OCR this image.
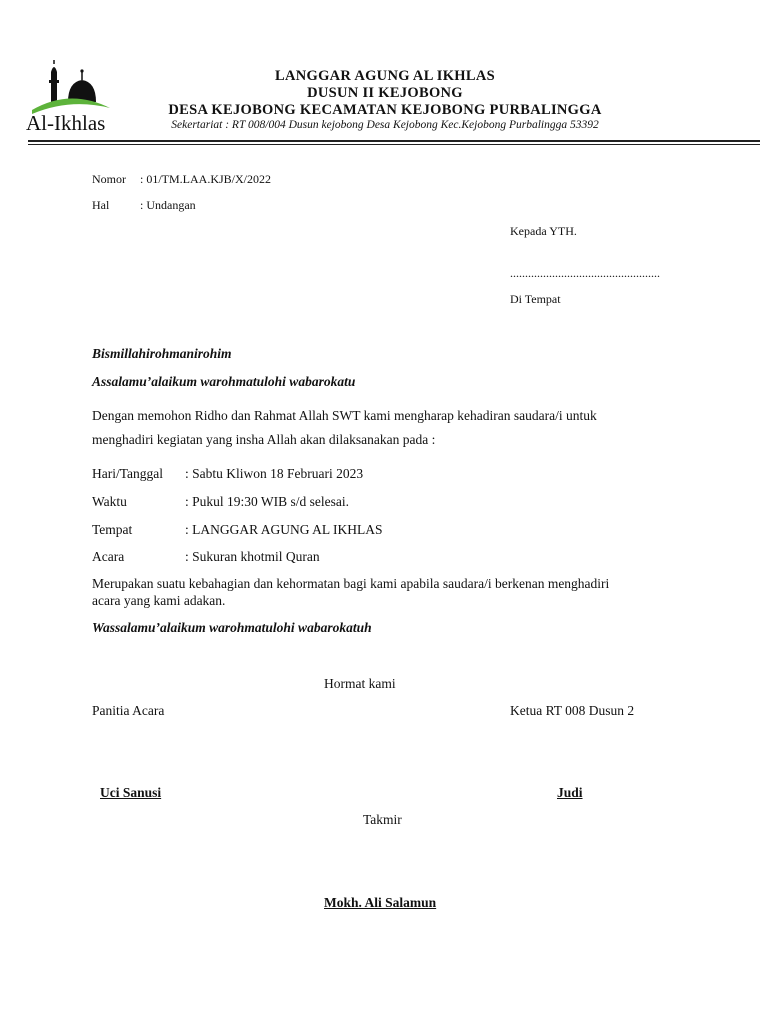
Al-Ikhlas
LANGGAR AGUNG AL IKHLAS
DUSUN II KEJOBONG
DESA KEJOBONG KECAMATAN KEJOBONG PURBALINGGA
Sekertariat : RT 008/004 Dusun kejobong Desa Kejobong Kec.Kejobong Purbalingga 53392
Nomor : 01/TM.LAA.KJB/X/2022
Hal	: Undangan
Kepada YTH.
..................................................
Di Tempat
Bismillahirohmanirohim
Assalamu’alaikum warohmatulohi wabarokatu
Dengan memohon Ridho dan Rahmat Allah SWT kami mengharap kehadiran saudara/i untuk
menghadiri kegiatan yang insha Allah akan dilaksanakan pada :
Hari/Tanggal : Sabtu Kliwon 18 Februari 2023
Waktu	: Pukul 19:30 WIB s/d selesai.
Tempat	: LANGGAR AGUNG AL IKHLAS
Acara	: Sukuran khotmil Quran
Merupakan suatu kebahagian dan kehormatan bagi kami apabila saudara/i berkenan menghadiri
acara yang kami adakan.
Wassalamu’alaikum warohmatulohi wabarokatuh
Hormat kami
Panitia Acara	Ketua RT 008 Dusun 2
Uci Sanusi	Judi
Takmir
Mokh. Ali Salamun
